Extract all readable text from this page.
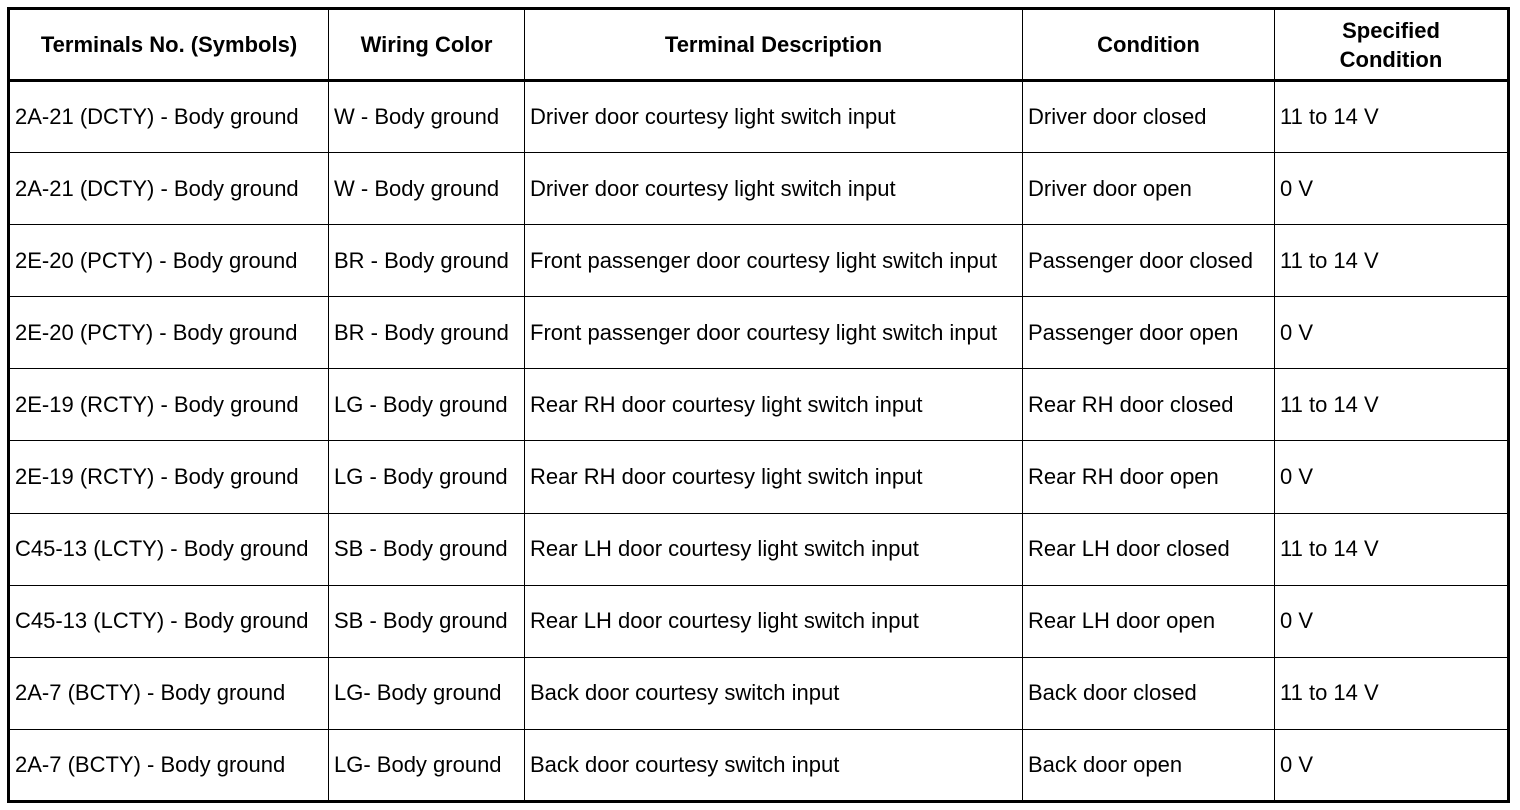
Terminals No. (Symbols)	Wiring Color	Terminal Description	Condition	Specified Condition
2A-21 (DCTY) - Body ground	W - Body ground	Driver door courtesy light switch input	Driver door closed	11 to 14 V
2A-21 (DCTY) - Body ground	W - Body ground	Driver door courtesy light switch input	Driver door open	0 V
2E-20 (PCTY) - Body ground	BR - Body ground	Front passenger door courtesy light switch input	Passenger door closed	11 to 14 V
2E-20 (PCTY) - Body ground	BR - Body ground	Front passenger door courtesy light switch input	Passenger door open	0 V
2E-19 (RCTY) - Body ground	LG - Body ground	Rear RH door courtesy light switch input	Rear RH door closed	11 to 14 V
2E-19 (RCTY) - Body ground	LG - Body ground	Rear RH door courtesy light switch input	Rear RH door open	0 V
C45-13 (LCTY) - Body ground	SB - Body ground	Rear LH door courtesy light switch input	Rear LH door closed	11 to 14 V
C45-13 (LCTY) - Body ground	SB - Body ground	Rear LH door courtesy light switch input	Rear LH door open	0 V
2A-7 (BCTY) - Body ground	LG- Body ground	Back door courtesy switch input	Back door closed	11 to 14 V
2A-7 (BCTY) - Body ground	LG- Body ground	Back door courtesy switch input	Back door open	0 V
